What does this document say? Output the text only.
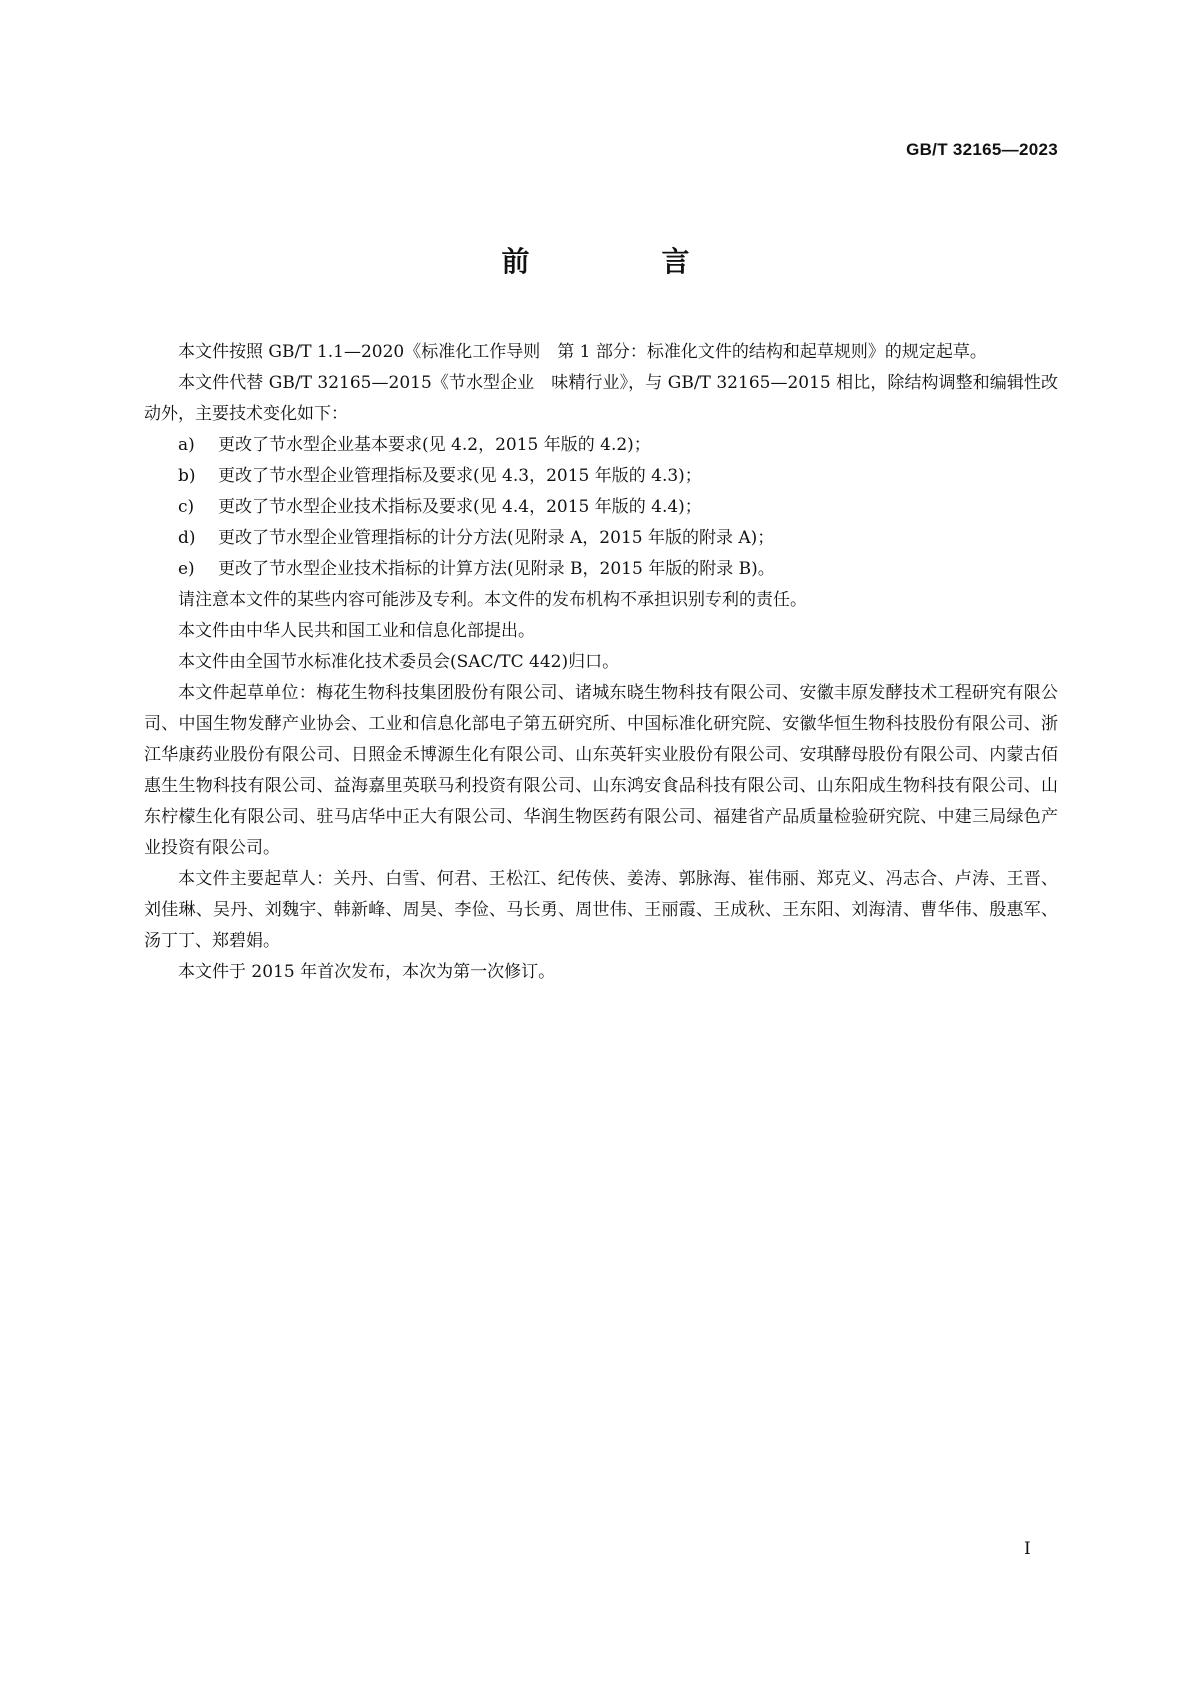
GB/T 32165—2023
前　言

本文件按照 GB/T 1.1—2020《标准化工作导则　第 1 部分：标准化文件的结构和起草规则》的规定起草。

本文件代替 GB/T 32165—2015《节水型企业　味精行业》，与 GB/T 32165—2015 相比，除结构调整和编辑性改动外，主要技术变化如下：

a)	更改了节水型企业基本要求(见 4.2，2015 年版的 4.2)；
b)	更改了节水型企业管理指标及要求(见 4.3，2015 年版的 4.3)；
c)	更改了节水型企业技术指标及要求(见 4.4，2015 年版的 4.4)；
d)	更改了节水型企业管理指标的计分方法(见附录 A，2015 年版的附录 A)；
e)	更改了节水型企业技术指标的计算方法(见附录 B，2015 年版的附录 B)。

请注意本文件的某些内容可能涉及专利。本文件的发布机构不承担识别专利的责任。

本文件由中华人民共和国工业和信息化部提出。

本文件由全国节水标准化技术委员会(SAC/TC 442)归口。

本文件起草单位：梅花生物科技集团股份有限公司、诸城东晓生物科技有限公司、安徽丰原发酵技术工程研究有限公司、中国生物发酵产业协会、工业和信息化部电子第五研究所、中国标准化研究院、安徽华恒生物科技股份有限公司、浙江华康药业股份有限公司、日照金禾博源生化有限公司、山东英轩实业股份有限公司、安琪酵母股份有限公司、内蒙古佰惠生生物科技有限公司、益海嘉里英联马利投资有限公司、山东鸿安食品科技有限公司、山东阳成生物科技有限公司、山东柠檬生化有限公司、驻马店华中正大有限公司、华润生物医药有限公司、福建省产品质量检验研究院、中建三局绿色产业投资有限公司。

本文件主要起草人：关丹、白雪、何君、王松江、纪传侠、姜涛、郭脉海、崔伟丽、郑克义、冯志合、卢涛、王晋、刘佳琳、吴丹、刘魏宇、韩新峰、周昊、李俭、马长勇、周世伟、王丽霞、王成秋、王东阳、刘海清、曹华伟、殷惠军、汤丁丁、郑碧娟。

本文件于 2015 年首次发布，本次为第一次修订。

I
